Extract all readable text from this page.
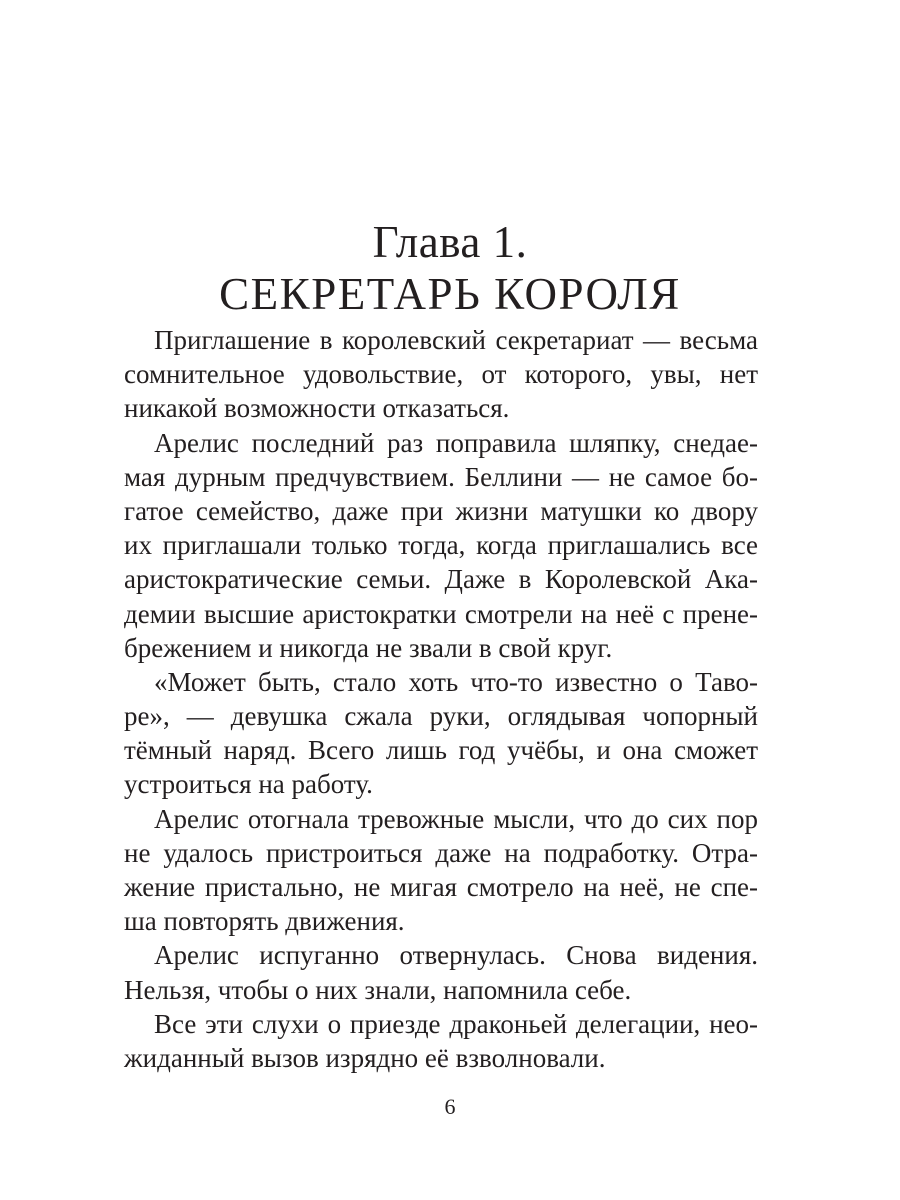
Глава 1.
СЕКРЕТАРЬ КОРОЛЯ
Приглашение в королевский секретариат — весьма
сомнительное удовольствие, от которого, увы, нет
никакой возможности отказаться.
Арелис последний раз поправила шляпку, снедае-
мая дурным предчувствием. Беллини — не самое бо-
гатое семейство, даже при жизни матушки ко двору
их приглашали только тогда, когда приглашались все
аристократические семьи. Даже в Королевской Ака-
демии высшие аристократки смотрели на неё с пренe-
брежением и никогда не звали в свой круг.
«Может быть, стало хоть что-то известно о Таво-
ре», — девушка сжала руки, оглядывая чопорный
тёмный наряд. Всего лишь год учёбы, и она сможет
устроиться на работу.
Арелис отогнала тревожные мысли, что до сих пор
не удалось пристроиться даже на подработку. Отра-
жение пристально, не мигая смотрело на неё, не спе-
ша повторять движения.
Арелис испуганно отвернулась. Снова видения.
Нельзя, чтобы о них знали, напомнила себе.
Все эти слухи о приезде драконьей делегации, нео-
жиданный вызов изрядно её взволновали.
6
